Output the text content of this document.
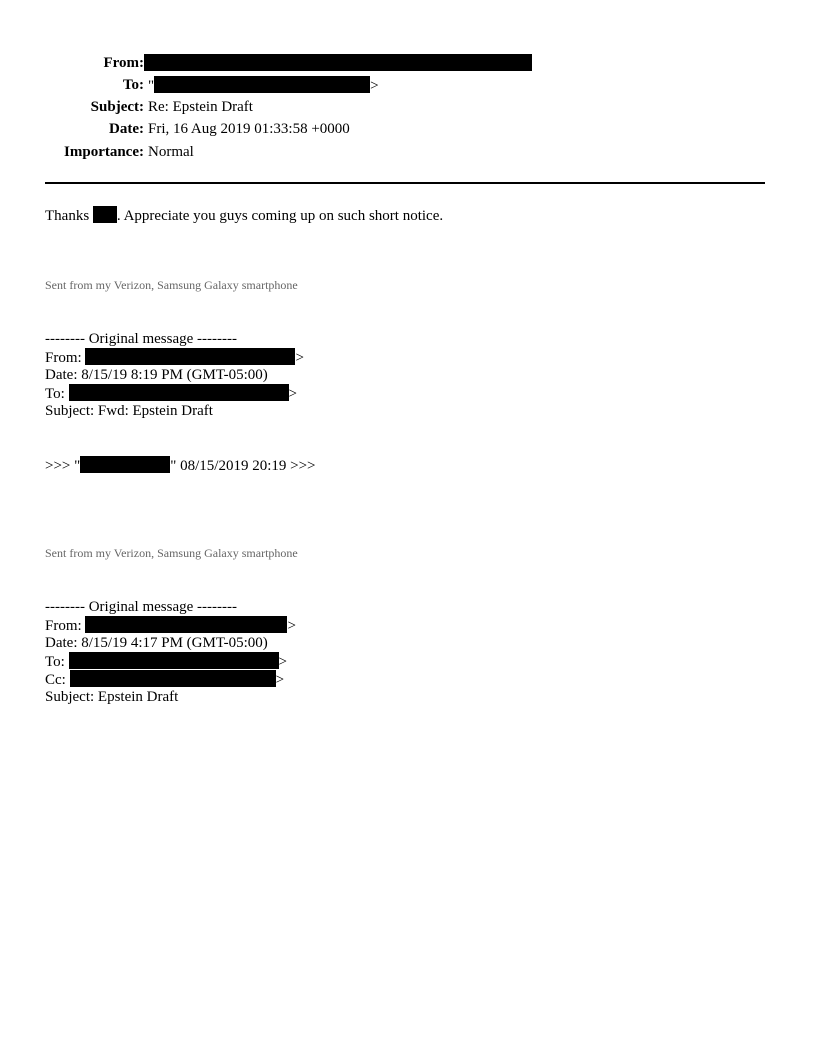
From:
To: "	>
Subject: Re: Epstein Draft
Date: Fri, 16 Aug 2019 01:33:58 +0000
Importance: Normal
Thanks . Appreciate you guys coming up on such short notice.
Sent from my Verizon, Samsung Galaxy smartphone
-------- Original message --------
From:	>
Date: 8/15/19 8:19 PM (GMT-05:00)
To:	>
Subject: Fwd: Epstein Draft
>>> "	" 08/15/2019 20:19 >>>
Sent from my Verizon, Samsung Galaxy smartphone
-------- Original message --------
From:	>
Date: 8/15/19 4:17 PM (GMT-05:00)
To:	>
Cc:	>
Subject: Epstein Draft
